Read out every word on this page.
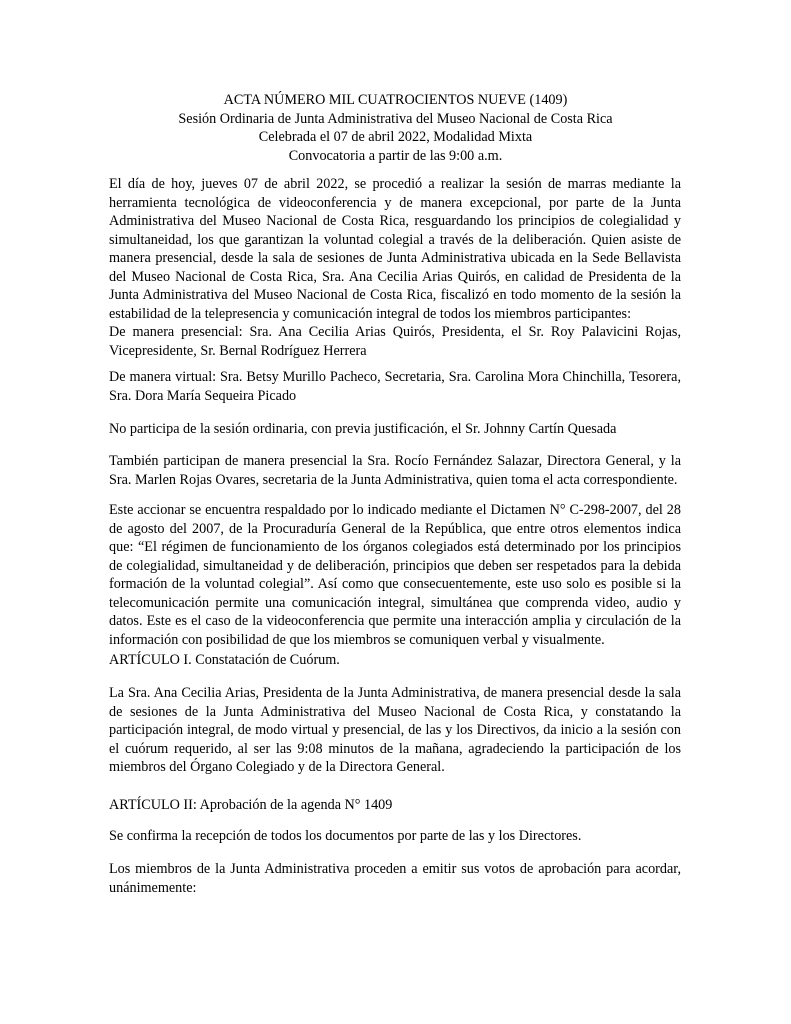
ACTA NÚMERO MIL CUATROCIENTOS NUEVE (1409)
Sesión Ordinaria de Junta Administrativa del Museo Nacional de Costa Rica
Celebrada el 07 de abril 2022, Modalidad Mixta
Convocatoria a partir de las 9:00 a.m.

El día de hoy, jueves 07 de abril 2022, se procedió a realizar la sesión de marras mediante la herramienta tecnológica de videoconferencia y de manera excepcional, por parte de la Junta Administrativa del Museo Nacional de Costa Rica, resguardando los principios de colegialidad y simultaneidad, los que garantizan la voluntad colegial a través de la deliberación. Quien asiste de manera presencial, desde la sala de sesiones de Junta Administrativa ubicada en la Sede Bellavista del Museo Nacional de Costa Rica, Sra. Ana Cecilia Arias Quirós, en calidad de Presidenta de la Junta Administrativa del Museo Nacional de Costa Rica, fiscalizó en todo momento de la sesión la estabilidad de la telepresencia y comunicación integral de todos los miembros participantes:

De manera presencial: Sra. Ana Cecilia Arias Quirós, Presidenta, el Sr. Roy Palavicini Rojas, Vicepresidente, Sr. Bernal Rodríguez Herrera

De manera virtual: Sra. Betsy Murillo Pacheco, Secretaria, Sra. Carolina Mora Chinchilla, Tesorera, Sra. Dora María Sequeira Picado

No participa de la sesión ordinaria, con previa justificación, el Sr. Johnny Cartín Quesada

También participan de manera presencial la Sra. Rocío Fernández Salazar, Directora General, y la Sra. Marlen Rojas Ovares, secretaria de la Junta Administrativa, quien toma el acta correspondiente.

Este accionar se encuentra respaldado por lo indicado mediante el Dictamen N° C-298-2007, del 28 de agosto del 2007, de la Procuraduría General de la República, que entre otros elementos indica que: “El régimen de funcionamiento de los órganos colegiados está determinado por los principios de colegialidad, simultaneidad y de deliberación, principios que deben ser respetados para la debida formación de la voluntad colegial”. Así como que consecuentemente, este uso solo es posible si la telecomunicación permite una comunicación integral, simultánea que comprenda video, audio y datos. Este es el caso de la videoconferencia que permite una interacción amplia y circulación de la información con posibilidad de que los miembros se comuniquen verbal y visualmente.

ARTÍCULO I. Constatación de Cuórum.

La Sra. Ana Cecilia Arias, Presidenta de la Junta Administrativa, de manera presencial desde la sala de sesiones de la Junta Administrativa del Museo Nacional de Costa Rica, y constatando la participación integral, de modo virtual y presencial, de las y los Directivos, da inicio a la sesión con el cuórum requerido, al ser las 9:08 minutos de la mañana, agradeciendo la participación de los miembros del Órgano Colegiado y de la Directora General.

ARTÍCULO II: Aprobación de la agenda N° 1409

Se confirma la recepción de todos los documentos por parte de las y los Directores.

Los miembros de la Junta Administrativa proceden a emitir sus votos de aprobación para acordar, unánimemente:
